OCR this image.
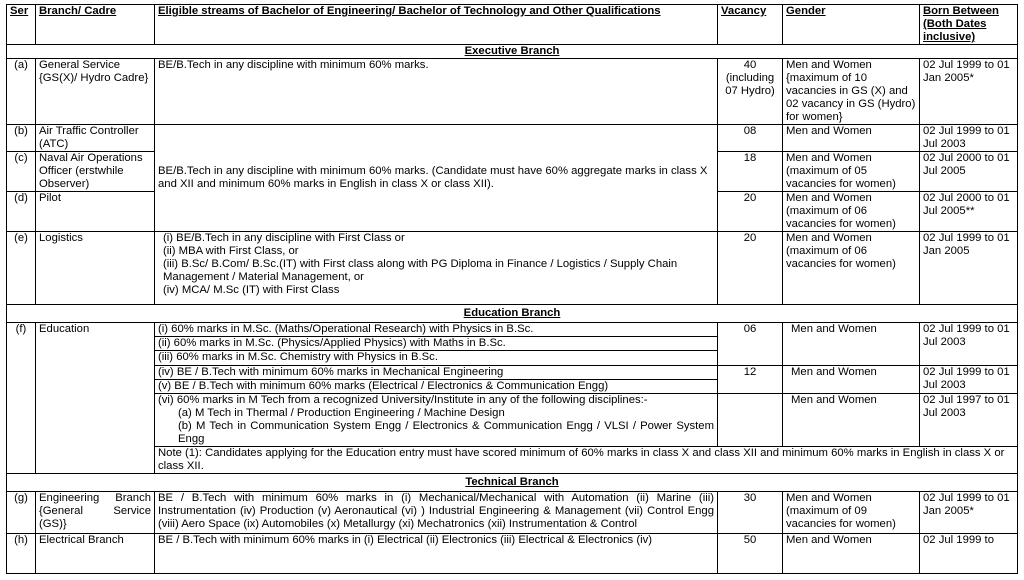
Ser	Branch/ Cadre	Eligible streams of Bachelor of Engineering/ Bachelor of Technology and Other Qualifications	Vacancy	Gender	Born Between (Both Dates inclusive)
Executive Branch					
(a)	General Service {GS(X)/ Hydro Cadre}	BE/B.Tech in any discipline with minimum 60% marks.	40 (including 07 Hydro)	Men and Women {maximum of 10 vacancies in GS (X) and 02 vacancy in GS (Hydro) for women}	02 Jul 1999 to 01 Jan 2005*
(b)	Air Traffic Controller (ATC)	BE/B.Tech in any discipline with minimum 60% marks. (Candidate must have 60% aggregate marks in class X and XII and minimum 60% marks in English in class X or class XII).	08	Men and Women	02 Jul 1999 to 01 Jul 2003
(c)	Naval Air Operations Officer (erstwhile Observer)		18	Men and Women (maximum of 05 vacancies for women)	02 Jul 2000 to 01 Jul 2005
(d)	Pilot		20	Men and Women (maximum of 06 vacancies for women)	02 Jul 2000 to 01 Jul 2005**
(e)	Logistics	(i) BE/B.Tech in any discipline with First Class or
(ii) MBA with First Class, or
(iii) B.Sc/ B.Com/ B.Sc.(IT) with First class along with PG Diploma in Finance / Logistics / Supply Chain Management / Material Management, or
(iv) MCA/ M.Sc (IT) with First Class	20	Men and Women (maximum of 06 vacancies for women)	02 Jul 1999 to 01 Jan 2005
Education Branch					
(f)	Education	(i) 60% marks in M.Sc. (Maths/Operational Research) with Physics in B.Sc.	06	Men and Women	02 Jul 1999 to 01 Jul 2003
		(ii) 60% marks in M.Sc. (Physics/Applied Physics) with Maths in B.Sc.			
		(iii) 60% marks in M.Sc. Chemistry with Physics in B.Sc.			
		(iv) BE / B.Tech with minimum 60% marks in Mechanical Engineering	12	Men and Women	02 Jul 1999 to 01 Jul 2003
		(v) BE / B.Tech with minimum 60% marks (Electrical / Electronics & Communication Engg)			

		(vi) 60% marks in M Tech from a recognized University/Institute in any of the following disciplines:-
(a) M Tech in Thermal / Production Engineering / Machine Design
(b) M Tech in Communication System Engg / Electronics & Communication Engg / VLSI / Power System Engg		Men and Women	02 Jul 1997 to 01 Jul 2003
		Note (1): Candidates applying for the Education entry must have scored minimum of 60% marks in class X and class XII and minimum 60% marks in English in class X or class XII.			
Technical Branch					
(g)	Engineering Branch {General Service (GS)}	BE / B.Tech with minimum 60% marks in (i) Mechanical/Mechanical with Automation (ii) Marine (iii) Instrumentation (iv) Production (v) Aeronautical (vi) ) Industrial Engineering & Management (vii) Control Engg (viii) Aero Space (ix) Automobiles (x) Metallurgy (xi) Mechatronics (xii) Instrumentation & Control	30	Men and Women (maximum of 09 vacancies for women)	02 Jul 1999 to 01 Jan 2005*
(h)	Electrical Branch	BE / B.Tech with minimum 60% marks in (i) Electrical (ii) Electronics (iii) Electrical & Electronics (iv)	50	Men and Women	02 Jul 1999 to
